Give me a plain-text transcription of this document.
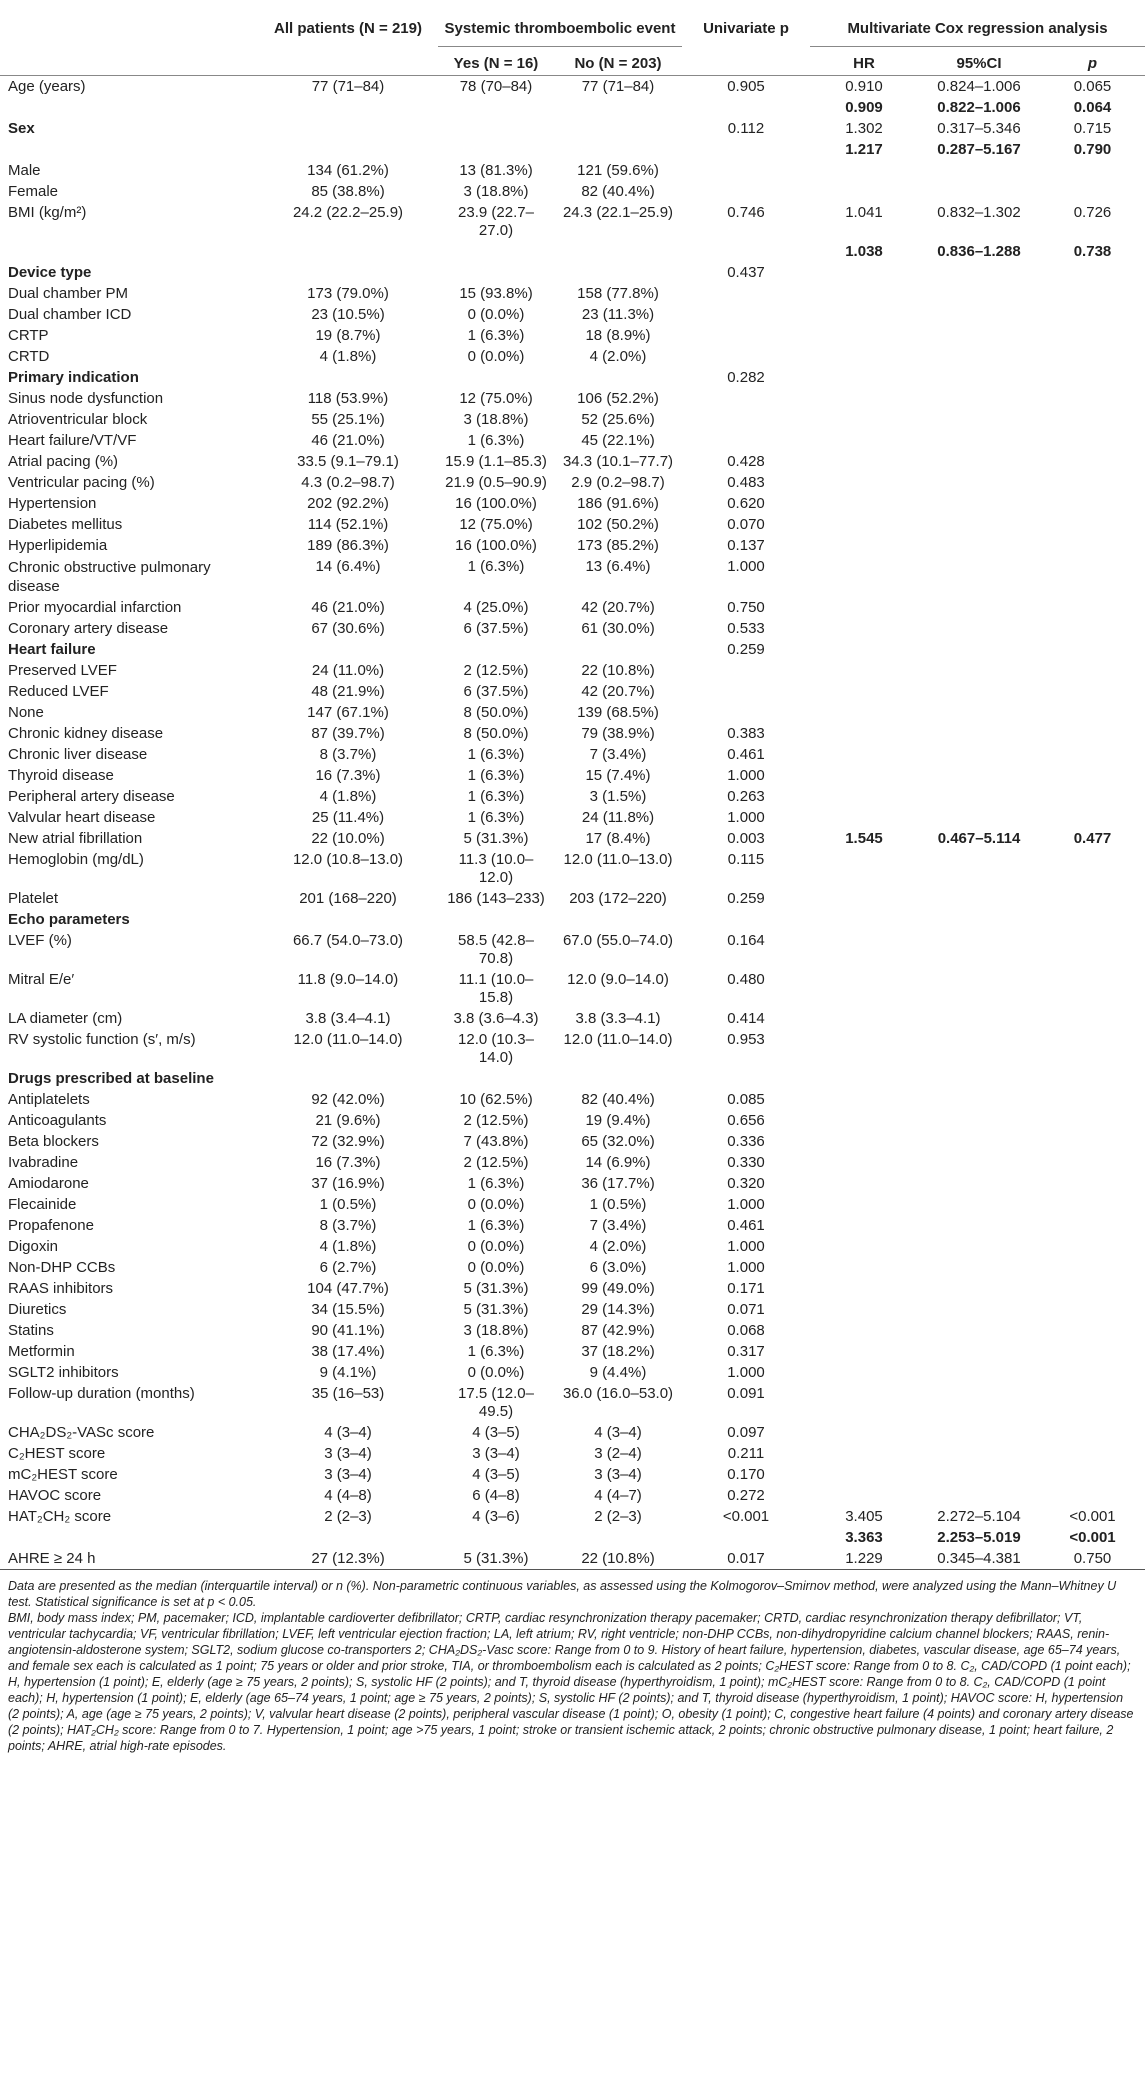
	All patients (N = 219)	Systemic thromboembolic event		Univariate p	Multivariate Cox regression analysis		
		Yes (N = 16)	No (N = 203)		HR	95%CI	p
Age (years)	77 (71–84)	78 (70–84)	77 (71–84)	0.905	0.910	0.824–1.006	0.065
					0.909	0.822–1.006	0.064
Sex				0.112	1.302	0.317–5.346	0.715
					1.217	0.287–5.167	0.790
Male	134 (61.2%)	13 (81.3%)	121 (59.6%)				
Female	85 (38.8%)	3 (18.8%)	82 (40.4%)				
BMI (kg/m²)	24.2 (22.2–25.9)	23.9 (22.7–27.0)	24.3 (22.1–25.9)	0.746	1.041	0.832–1.302	0.726
					1.038	0.836–1.288	0.738
Device type				0.437			
Dual chamber PM	173 (79.0%)	15 (93.8%)	158 (77.8%)				
Dual chamber ICD	23 (10.5%)	0 (0.0%)	23 (11.3%)				
CRTP	19 (8.7%)	1 (6.3%)	18 (8.9%)				
CRTD	4 (1.8%)	0 (0.0%)	4 (2.0%)				
Primary indication				0.282			
Sinus node dysfunction	118 (53.9%)	12 (75.0%)	106 (52.2%)				
Atrioventricular block	55 (25.1%)	3 (18.8%)	52 (25.6%)				
Heart failure/VT/VF	46 (21.0%)	1 (6.3%)	45 (22.1%)				
Atrial pacing (%)	33.5 (9.1–79.1)	15.9 (1.1–85.3)	34.3 (10.1–77.7)	0.428			
Ventricular pacing (%)	4.3 (0.2–98.7)	21.9 (0.5–90.9)	2.9 (0.2–98.7)	0.483			
Hypertension	202 (92.2%)	16 (100.0%)	186 (91.6%)	0.620			
Diabetes mellitus	114 (52.1%)	12 (75.0%)	102 (50.2%)	0.070			
Hyperlipidemia	189 (86.3%)	16 (100.0%)	173 (85.2%)	0.137			
Chronic obstructive pulmonary disease	14 (6.4%)	1 (6.3%)	13 (6.4%)	1.000			
Prior myocardial infarction	46 (21.0%)	4 (25.0%)	42 (20.7%)	0.750			
Coronary artery disease	67 (30.6%)	6 (37.5%)	61 (30.0%)	0.533			
Heart failure				0.259			
Preserved LVEF	24 (11.0%)	2 (12.5%)	22 (10.8%)				
Reduced LVEF	48 (21.9%)	6 (37.5%)	42 (20.7%)				
None	147 (67.1%)	8 (50.0%)	139 (68.5%)				
Chronic kidney disease	87 (39.7%)	8 (50.0%)	79 (38.9%)	0.383			
Chronic liver disease	8 (3.7%)	1 (6.3%)	7 (3.4%)	0.461			
Thyroid disease	16 (7.3%)	1 (6.3%)	15 (7.4%)	1.000			
Peripheral artery disease	4 (1.8%)	1 (6.3%)	3 (1.5%)	0.263			
Valvular heart disease	25 (11.4%)	1 (6.3%)	24 (11.8%)	1.000			
New atrial fibrillation	22 (10.0%)	5 (31.3%)	17 (8.4%)	0.003	1.545	0.467–5.114	0.477
Hemoglobin (mg/dL)	12.0 (10.8–13.0)	11.3 (10.0–12.0)	12.0 (11.0–13.0)	0.115			
Platelet	201 (168–220)	186 (143–233)	203 (172–220)	0.259			
Echo parameters							
LVEF (%)	66.7 (54.0–73.0)	58.5 (42.8–70.8)	67.0 (55.0–74.0)	0.164			
Mitral E/e′	11.8 (9.0–14.0)	11.1 (10.0–15.8)	12.0 (9.0–14.0)	0.480			
LA diameter (cm)	3.8 (3.4–4.1)	3.8 (3.6–4.3)	3.8 (3.3–4.1)	0.414			
RV systolic function (s′, m/s)	12.0 (11.0–14.0)	12.0 (10.3–14.0)	12.0 (11.0–14.0)	0.953			
Drugs prescribed at baseline							
Antiplatelets	92 (42.0%)	10 (62.5%)	82 (40.4%)	0.085			
Anticoagulants	21 (9.6%)	2 (12.5%)	19 (9.4%)	0.656			
Beta blockers	72 (32.9%)	7 (43.8%)	65 (32.0%)	0.336			
Ivabradine	16 (7.3%)	2 (12.5%)	14 (6.9%)	0.330			
Amiodarone	37 (16.9%)	1 (6.3%)	36 (17.7%)	0.320			
Flecainide	1 (0.5%)	0 (0.0%)	1 (0.5%)	1.000			
Propafenone	8 (3.7%)	1 (6.3%)	7 (3.4%)	0.461			
Digoxin	4 (1.8%)	0 (0.0%)	4 (2.0%)	1.000			
Non-DHP CCBs	6 (2.7%)	0 (0.0%)	6 (3.0%)	1.000			
RAAS inhibitors	104 (47.7%)	5 (31.3%)	99 (49.0%)	0.171			
Diuretics	34 (15.5%)	5 (31.3%)	29 (14.3%)	0.071			
Statins	90 (41.1%)	3 (18.8%)	87 (42.9%)	0.068			
Metformin	38 (17.4%)	1 (6.3%)	37 (18.2%)	0.317			
SGLT2 inhibitors	9 (4.1%)	0 (0.0%)	9 (4.4%)	1.000			
Follow-up duration (months)	35 (16–53)	17.5 (12.0–49.5)	36.0 (16.0–53.0)	0.091			
CHA₂DS₂-VASc score	4 (3–4)	4 (3–5)	4 (3–4)	0.097			
C₂HEST score	3 (3–4)	3 (3–4)	3 (2–4)	0.211			
mC₂HEST score	3 (3–4)	4 (3–5)	3 (3–4)	0.170			
HAVOC score	4 (4–8)	6 (4–8)	4 (4–7)	0.272			
HAT₂CH₂ score	2 (2–3)	4 (3–6)	2 (2–3)	<0.001	3.405	2.272–5.104	<0.001
					3.363	2.253–5.019	<0.001
AHRE ≥ 24 h	27 (12.3%)	5 (31.3%)	22 (10.8%)	0.017	1.229	0.345–4.381	0.750

Data are presented as the median (interquartile interval) or n (%). Non-parametric continuous variables, as assessed using the Kolmogorov–Smirnov method, were analyzed using the Mann–Whitney U test. Statistical significance is set at p < 0.05.

BMI, body mass index; PM, pacemaker; ICD, implantable cardioverter defibrillator; CRTP, cardiac resynchronization therapy pacemaker; CRTD, cardiac resynchronization therapy defibrillator; VT, ventricular tachycardia; VF, ventricular fibrillation; LVEF, left ventricular ejection fraction; LA, left atrium; RV, right ventricle; non-DHP CCBs, non-dihydropyridine calcium channel blockers; RAAS, renin-angiotensin-aldosterone system; SGLT2, sodium glucose co-transporters 2; CHA₂DS₂-Vasc score: Range from 0 to 9. History of heart failure, hypertension, diabetes, vascular disease, age 65–74 years, and female sex each is calculated as 1 point; 75 years or older and prior stroke, TIA, or thromboembolism each is calculated as 2 points; C₂HEST score: Range from 0 to 8. C₂, CAD/COPD (1 point each); H, hypertension (1 point); E, elderly (age ≥ 75 years, 2 points); S, systolic HF (2 points); and T, thyroid disease (hyperthyroidism, 1 point); mC₂HEST score: Range from 0 to 8. C₂, CAD/COPD (1 point each); H, hypertension (1 point); E, elderly (age 65–74 years, 1 point; age ≥ 75 years, 2 points); S, systolic HF (2 points); and T, thyroid disease (hyperthyroidism, 1 point); HAVOC score: H, hypertension (2 points); A, age (age ≥ 75 years, 2 points); V, valvular heart disease (2 points), peripheral vascular disease (1 point); O, obesity (1 point); C, congestive heart failure (4 points) and coronary artery disease (2 points); HAT₂CH₂ score: Range from 0 to 7. Hypertension, 1 point; age >75 years, 1 point; stroke or transient ischemic attack, 2 points; chronic obstructive pulmonary disease, 1 point; heart failure, 2 points; AHRE, atrial high-rate episodes.
